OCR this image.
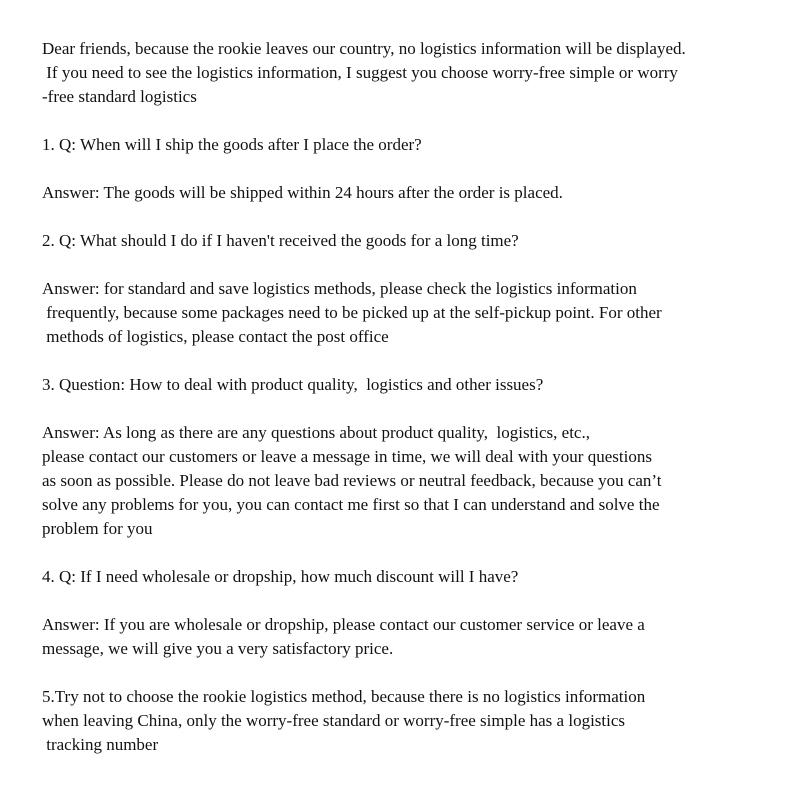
Dear friends, because the rookie leaves our country, no logistics information will be displayed.
If you need to see the logistics information, I suggest you choose worry-free simple or worry
-free standard logistics
1. Q: When will I ship the goods after I place the order?
Answer: The goods will be shipped within 24 hours after the order is placed.
2. Q: What should I do if I haven't received the goods for a long time?
Answer: for standard and save logistics methods, please check the logistics information
frequently, because some packages need to be picked up at the self-pickup point. For other
methods of logistics, please contact the post office
3. Question: How to deal with product quality,  logistics and other issues?
Answer: As long as there are any questions about product quality,  logistics, etc.,
please contact our customers or leave a message in time, we will deal with your questions
as soon as possible. Please do not leave bad reviews or neutral feedback, because you can’t
solve any problems for you, you can contact me first so that I can understand and solve the
problem for you
4. Q: If I need wholesale or dropship, how much discount will I have?
Answer: If you are wholesale or dropship, please contact our customer service or leave a
message, we will give you a very satisfactory price.
5.Try not to choose the rookie logistics method, because there is no logistics information
when leaving China, only the worry-free standard or worry-free simple has a logistics
tracking number
